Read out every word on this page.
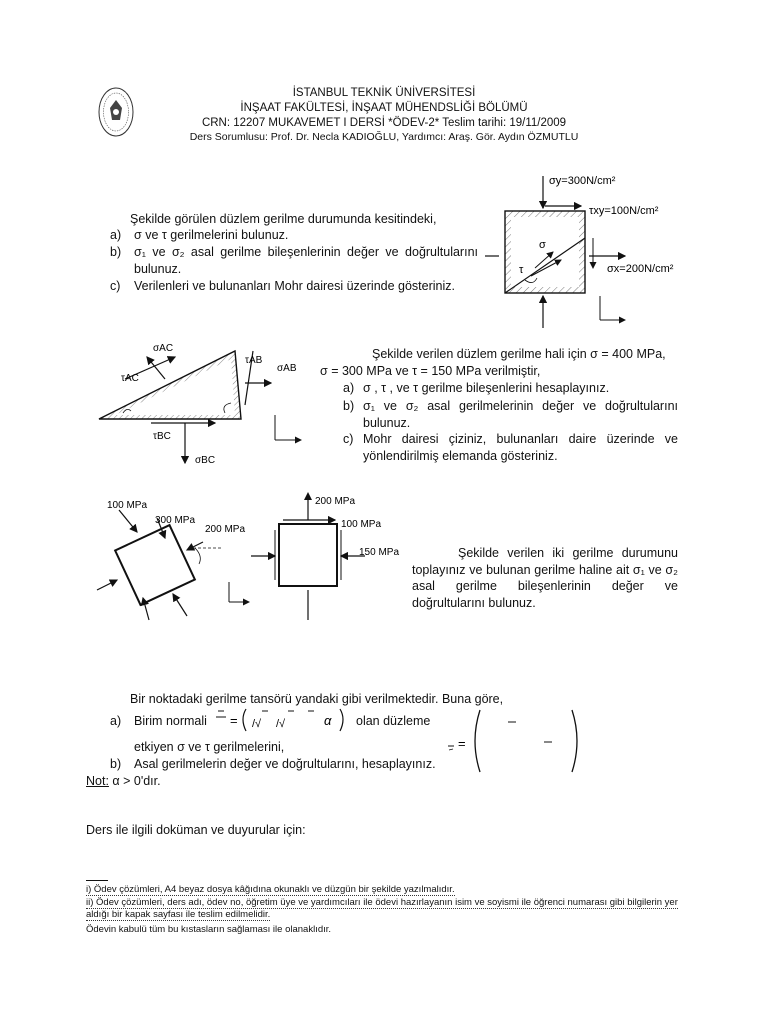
İSTANBUL TEKNİK ÜNİVERSİTESİ
İNŞAAT FAKÜLTESİ, İNŞAAT MÜHENDSLİĞİ BÖLÜMÜ
CRN: 12207 MUKAVEMET I DERSİ *ÖDEV-2* Teslim tarihi: 19/11/2009
Ders Sorumlusu: Prof. Dr. Necla KADIOĞLU, Yardımcı: Araş. Gör. Aydın ÖZMUTLU
Şekilde görülen düzlem gerilme durumunda kesitindeki,
a) σ ve τ gerilmelerini bulunuz.
b) σ₁ ve σ₂ asal gerilme bileşenlerinin değer ve doğrultularını bulunuz.
c) Verilenleri ve bulunanları Mohr dairesi üzerinde gösteriniz.
σy=300N/cm²
τxy=100N/cm²
σx=200N/cm²
σ
τ
σAC
τAC
τAB
σAB
τBC
σBC
Şekilde verilen düzlem gerilme hali için σ = 400 MPa,
σ = 300 MPa ve τ = 150 MPa verilmiştir,
a) σ , τ , ve τ gerilme bileşenlerini hesaplayınız.
b) σ₁ ve σ₂ asal gerilmelerinin değer ve doğrultularını bulunuz.
c) Mohr dairesi çiziniz, bulunanları daire üzerinde ve yönlendirilmiş elemanda gösteriniz.
100 MPa
300 MPa
200 MPa
200 MPa
100 MPa
150 MPa	Şekilde verilen iki gerilme durumunu toplayınız ve bulunan gerilme haline ait σ₁ ve σ₂ asal gerilme bileşenlerinin değer ve doğrultularını bulunuz.
Bir noktadaki gerilme tansörü yandaki gibi verilmektedir. Buna göre,
a) Birim normali = /√ /√	α olan düzleme
etkiyen σ ve τ gerilmelerini,
b) Asal gerilmelerin değer ve doğrultularını, hesaplayınız.
Not: α > 0'dır.
=
Ders ile ilgili doküman ve duyurular için:
i) Ödev çözümleri, A4 beyaz dosya kâğıdına okunaklı ve düzgün bir şekilde yazılmalıdır.
ii) Ödev çözümleri, ders adı, ödev no, öğretim üye ve yardımcıları ile ödevi hazırlayanın isim ve soyismi ile öğrenci numarası gibi bilgilerin yer aldığı bir kapak sayfası ile teslim edilmelidir.
Ödevin kabulü tüm bu kıstasların sağlaması ile olanaklıdır.
